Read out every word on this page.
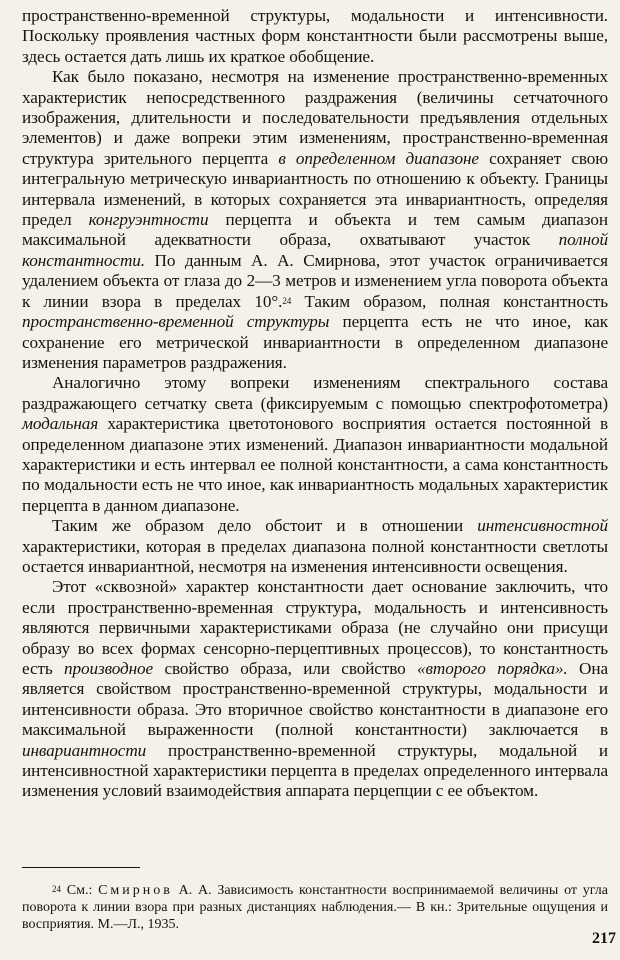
пространственно-временной структуры, модальности и интенсивности. Поскольку проявления частных форм константности были рассмотрены выше, здесь остается дать лишь их краткое обобщение.

Как было показано, несмотря на изменение пространственно-временных характеристик непосредственного раздражения (величины сетчаточного изображения, длительности и последовательности предъявления отдельных элементов) и даже вопреки этим изменениям, пространственно-временная структура зрительного перцепта в определенном диапазоне сохраняет свою интегральную метрическую инвариантность по отношению к объекту. Границы интервала изменений, в которых сохраняется эта инвариантность, определяя предел конгруэнтности перцепта и объекта и тем самым диапазон максимальной адекватности образа, охватывают участок полной константности. По данным А. А. Смирнова, этот участок ограничивается удалением объекта от глаза до 2—3 метров и изменением угла поворота объекта к линии взора в пределах 10°.$^{24}$ Таким образом, полная константность пространственно-временной структуры перцепта есть не что иное, как сохранение его метрической инвариантности в определенном диапазоне изменения параметров раздражения.

Аналогично этому вопреки изменениям спектрального состава раздражающего сетчатку света (фиксируемым с помощью спектрофотометра) модальная характеристика цветотонового восприятия остается постоянной в определенном диапазоне этих изменений. Диапазон инвариантности модальной характеристики и есть интервал ее полной константности, а сама константность по модальности есть не что иное, как инвариантность модальных характеристик перцепта в данном диапазоне.

Таким же образом дело обстоит и в отношении интенсивностной характеристики, которая в пределах диапазона полной константности светлоты остается инвариантной, несмотря на изменения интенсивности освещения.

Этот «сквозной» характер константности дает основание заключить, что если пространственно-временная структура, модальность и интенсивность являются первичными характеристиками образа (не случайно они присущи образу во всех формах сенсорно-перцептивных процессов), то константность есть производное свойство образа, или свойство «второго порядка». Она является свойством пространственно-временной структуры, модальности и интенсивности образа. Это вторичное свойство константности в диапазоне его максимальной выраженности (полной константности) заключается в инвариантности пространственно-временной структуры, модальной и интенсивностной характеристики перцепта в пределах определенного интервала изменения условий взаимодействия аппарата перцепции с ее объектом.

$^{24}$ См.: Смирнов А. А. Зависимость константности воспринимаемой величины от угла поворота к линии взора при разных дистанциях наблюдения.— В кн.: Зрительные ощущения и восприятия. М.—Л., 1935.
217
